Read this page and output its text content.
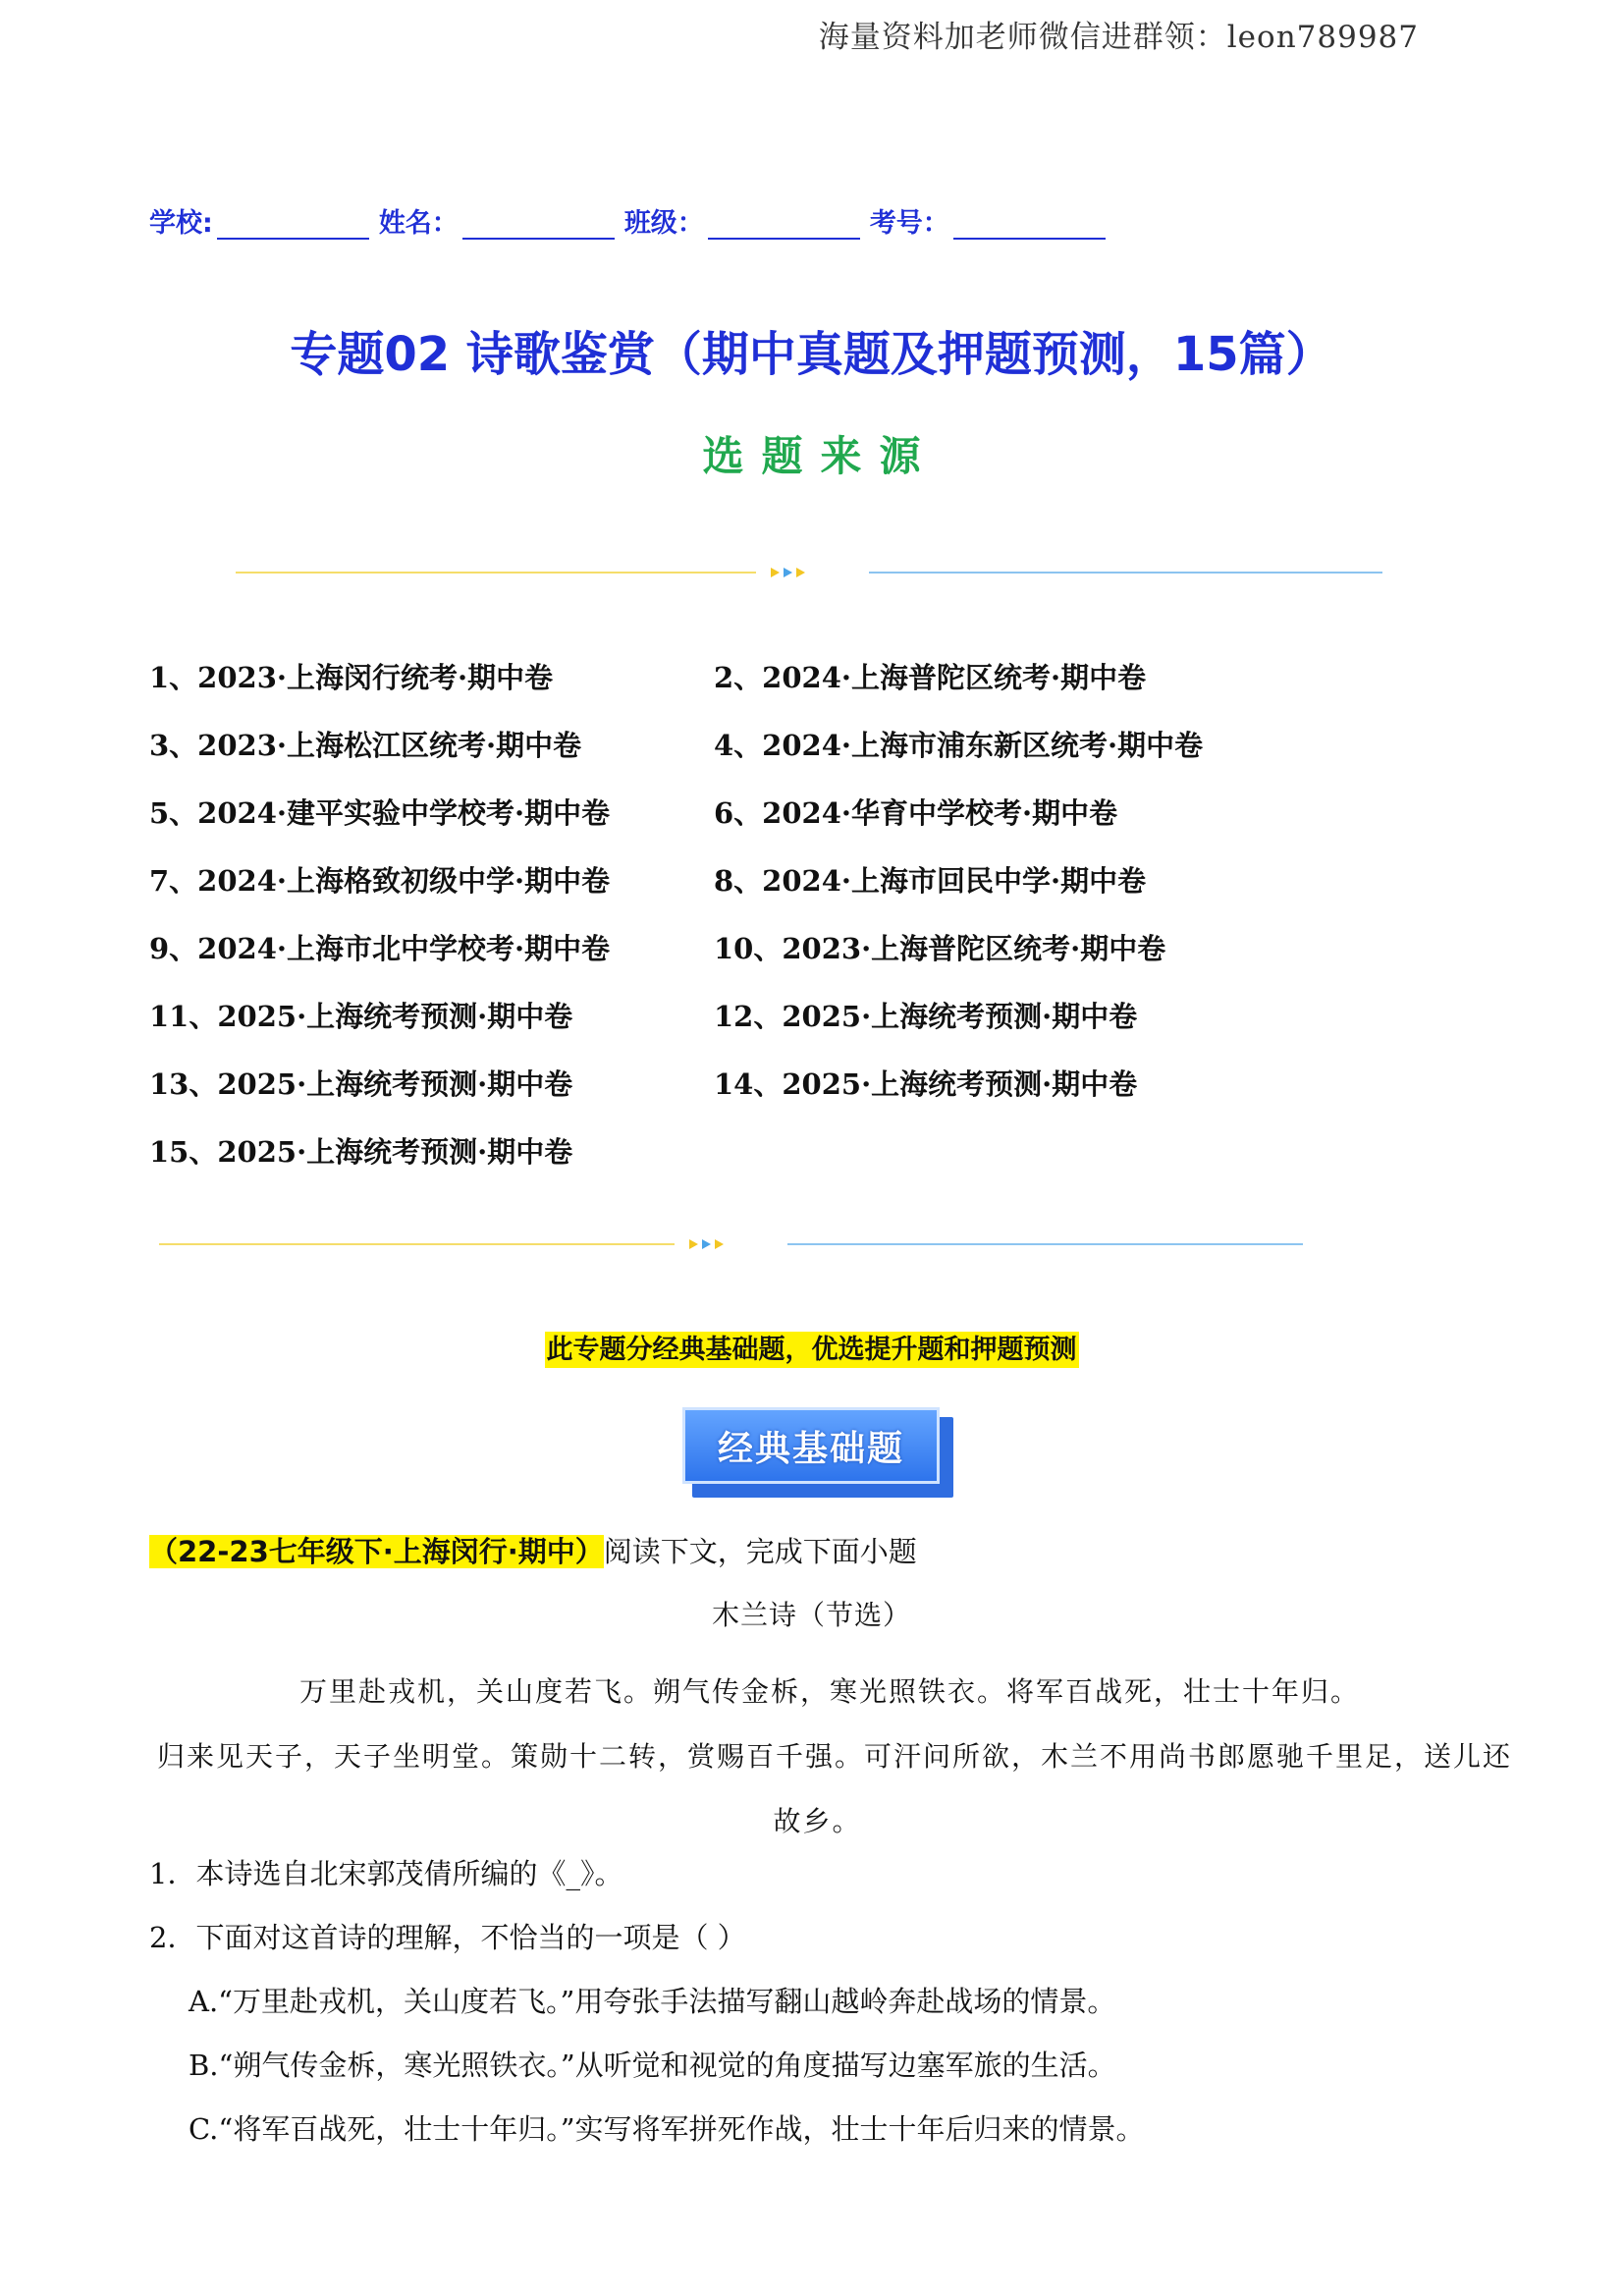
海量资料加老师微信进群领：leon789987
学校:	姓名：	班级：	考号：
专题02 诗歌鉴赏（期中真题及押题预测，15篇）
选题来源
1、2023·上海闵行统考·期中卷	2、2024·上海普陀区统考·期中卷
3、2023·上海松江区统考·期中卷	4、2024·上海市浦东新区统考·期中卷
5、2024·建平实验中学校考·期中卷	6、2024·华育中学校考·期中卷
7、2024·上海格致初级中学·期中卷	8、2024·上海市回民中学·期中卷
9、2024·上海市北中学校考·期中卷	10、2023·上海普陀区统考·期中卷
11、2025·上海统考预测·期中卷	12、2025·上海统考预测·期中卷
13、2025·上海统考预测·期中卷	14、2025·上海统考预测·期中卷
15、2025·上海统考预测·期中卷
此专题分经典基础题，优选提升题和押题预测
经典基础题
（22-23七年级下·上海闵行·期中）阅读下文，完成下面小题
木兰诗（节选）

万里赴戎机，关山度若飞。朔气传金柝，寒光照铁衣。将军百战死，壮士十年归。

归来见天子，天子坐明堂。策勋十二转，赏赐百千强。可汗问所欲，木兰不用尚书郎愿驰千里足，送儿还

故乡。

1．本诗选自北宋郭茂倩所编的《_》。
2．下面对这首诗的理解，不恰当的一项是（ ）
A.“万里赴戎机，关山度若飞。”用夸张手法描写翻山越岭奔赴战场的情景。
B.“朔气传金柝，寒光照铁衣。”从听觉和视觉的角度描写边塞军旅的生活。
C.“将军百战死，壮士十年归。”实写将军拼死作战，壮士十年后归来的情景。
